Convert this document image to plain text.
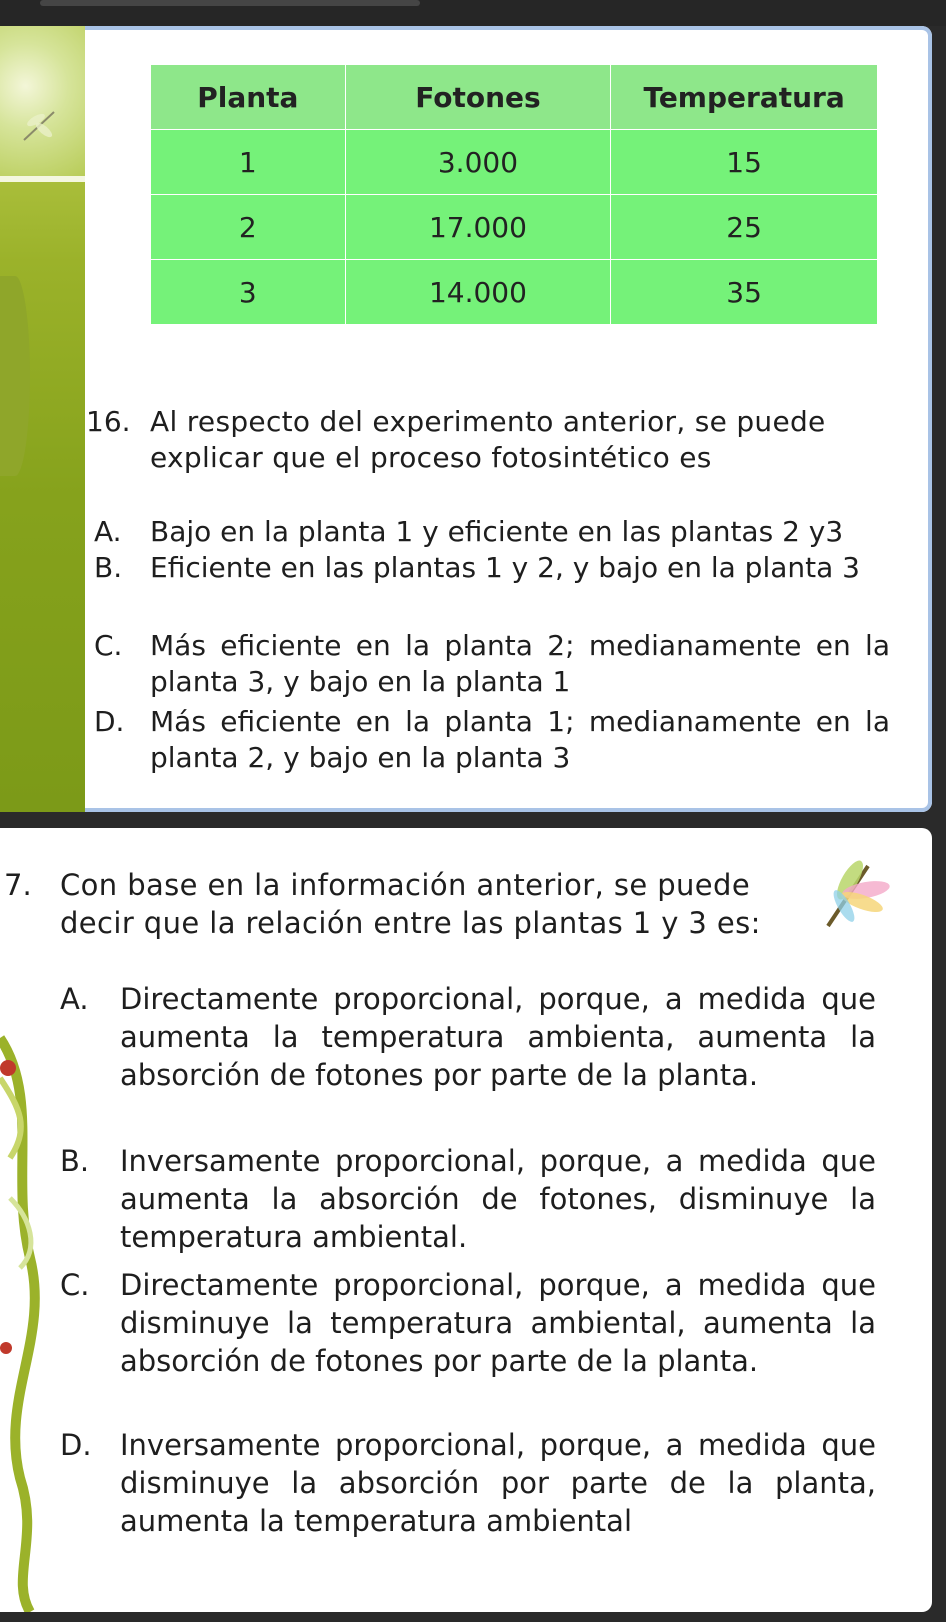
Planta	Fotones	Temperatura
1	3.000	15
2	17.000	25
3	14.000	35
16. Al respecto del experimento anterior, se puede explicar que el proceso fotosintético es
A. Bajo en la planta 1 y eficiente en las plantas 2 y3
B. Eficiente en las plantas 1 y 2, y bajo en la planta 3
C. Más eficiente en la planta 2; medianamente en la planta 3, y bajo en la planta 1
D. Más eficiente en la planta 1; medianamente en la planta 2, y bajo en la planta 3
7. Con base en la información anterior, se puede decir que la relación entre las plantas 1 y 3 es:
A. Directamente proporcional, porque, a medida que aumenta la temperatura ambienta, aumenta la absorción de fotones por parte de la planta.
B. Inversamente proporcional, porque, a medida que aumenta la absorción de fotones, disminuye la temperatura ambiental.
C. Directamente proporcional, porque, a medida que disminuye la temperatura ambiental, aumenta la absorción de fotones por parte de la planta.
D. Inversamente proporcional, porque, a medida que disminuye la absorción por parte de la planta, aumenta la temperatura ambiental
